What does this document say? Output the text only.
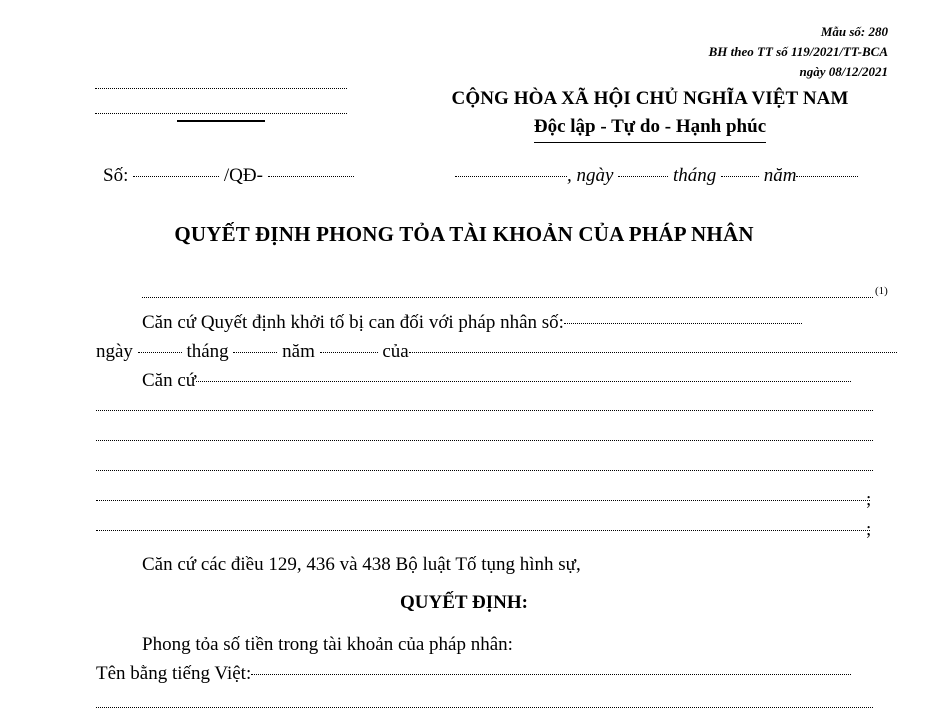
Mẫu số: 280
BH theo TT số 119/2021/TT-BCA
ngày 08/12/2021
CỘNG HÒA XÃ HỘI CHỦ NGHĨA VIỆT NAM
Độc lập - Tự do - Hạnh phúc
Số:	/QĐ-	, ngày	tháng	năm
QUYẾT ĐỊNH PHONG TỎA TÀI KHOẢN CỦA PHÁP NHÂN
(1)
Căn cứ Quyết định khởi tố bị can đối với pháp nhân số:
ngày	tháng	năm	của
Căn cứ
;
;
Căn cứ các điều 129, 436 và 438 Bộ luật Tố tụng hình sự,
QUYẾT ĐỊNH:
Phong tỏa số tiền trong tài khoản của pháp nhân:
Tên bằng tiếng Việt:
